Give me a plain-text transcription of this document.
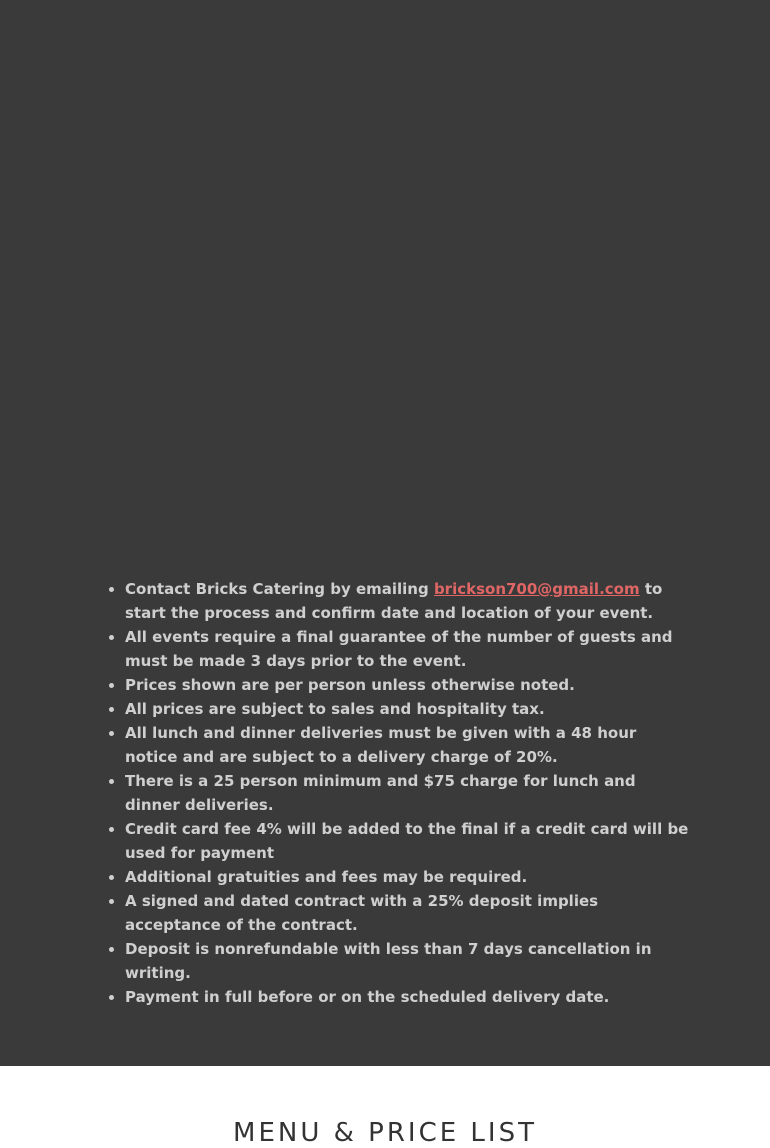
• Contact Bricks Catering by emailing brickson700@gmail.com to start the process and confirm date and location of your event.
• All events require a final guarantee of the number of guests and must be made 3 days prior to the event.
• Prices shown are per person unless otherwise noted.
• All prices are subject to sales and hospitality tax.
• All lunch and dinner deliveries must be given with a 48 hour notice and are subject to a delivery charge of 20%.
• There is a 25 person minimum and $75 charge for lunch and dinner deliveries.
• Credit card fee 4% will be added to the final if a credit card will be used for payment
• Additional gratuities and fees may be required.
• A signed and dated contract with a 25% deposit implies acceptance of the contract.
• Deposit is nonrefundable with less than 7 days cancellation in writing.
• Payment in full before or on the scheduled delivery date.
MENU & PRICE LIST
